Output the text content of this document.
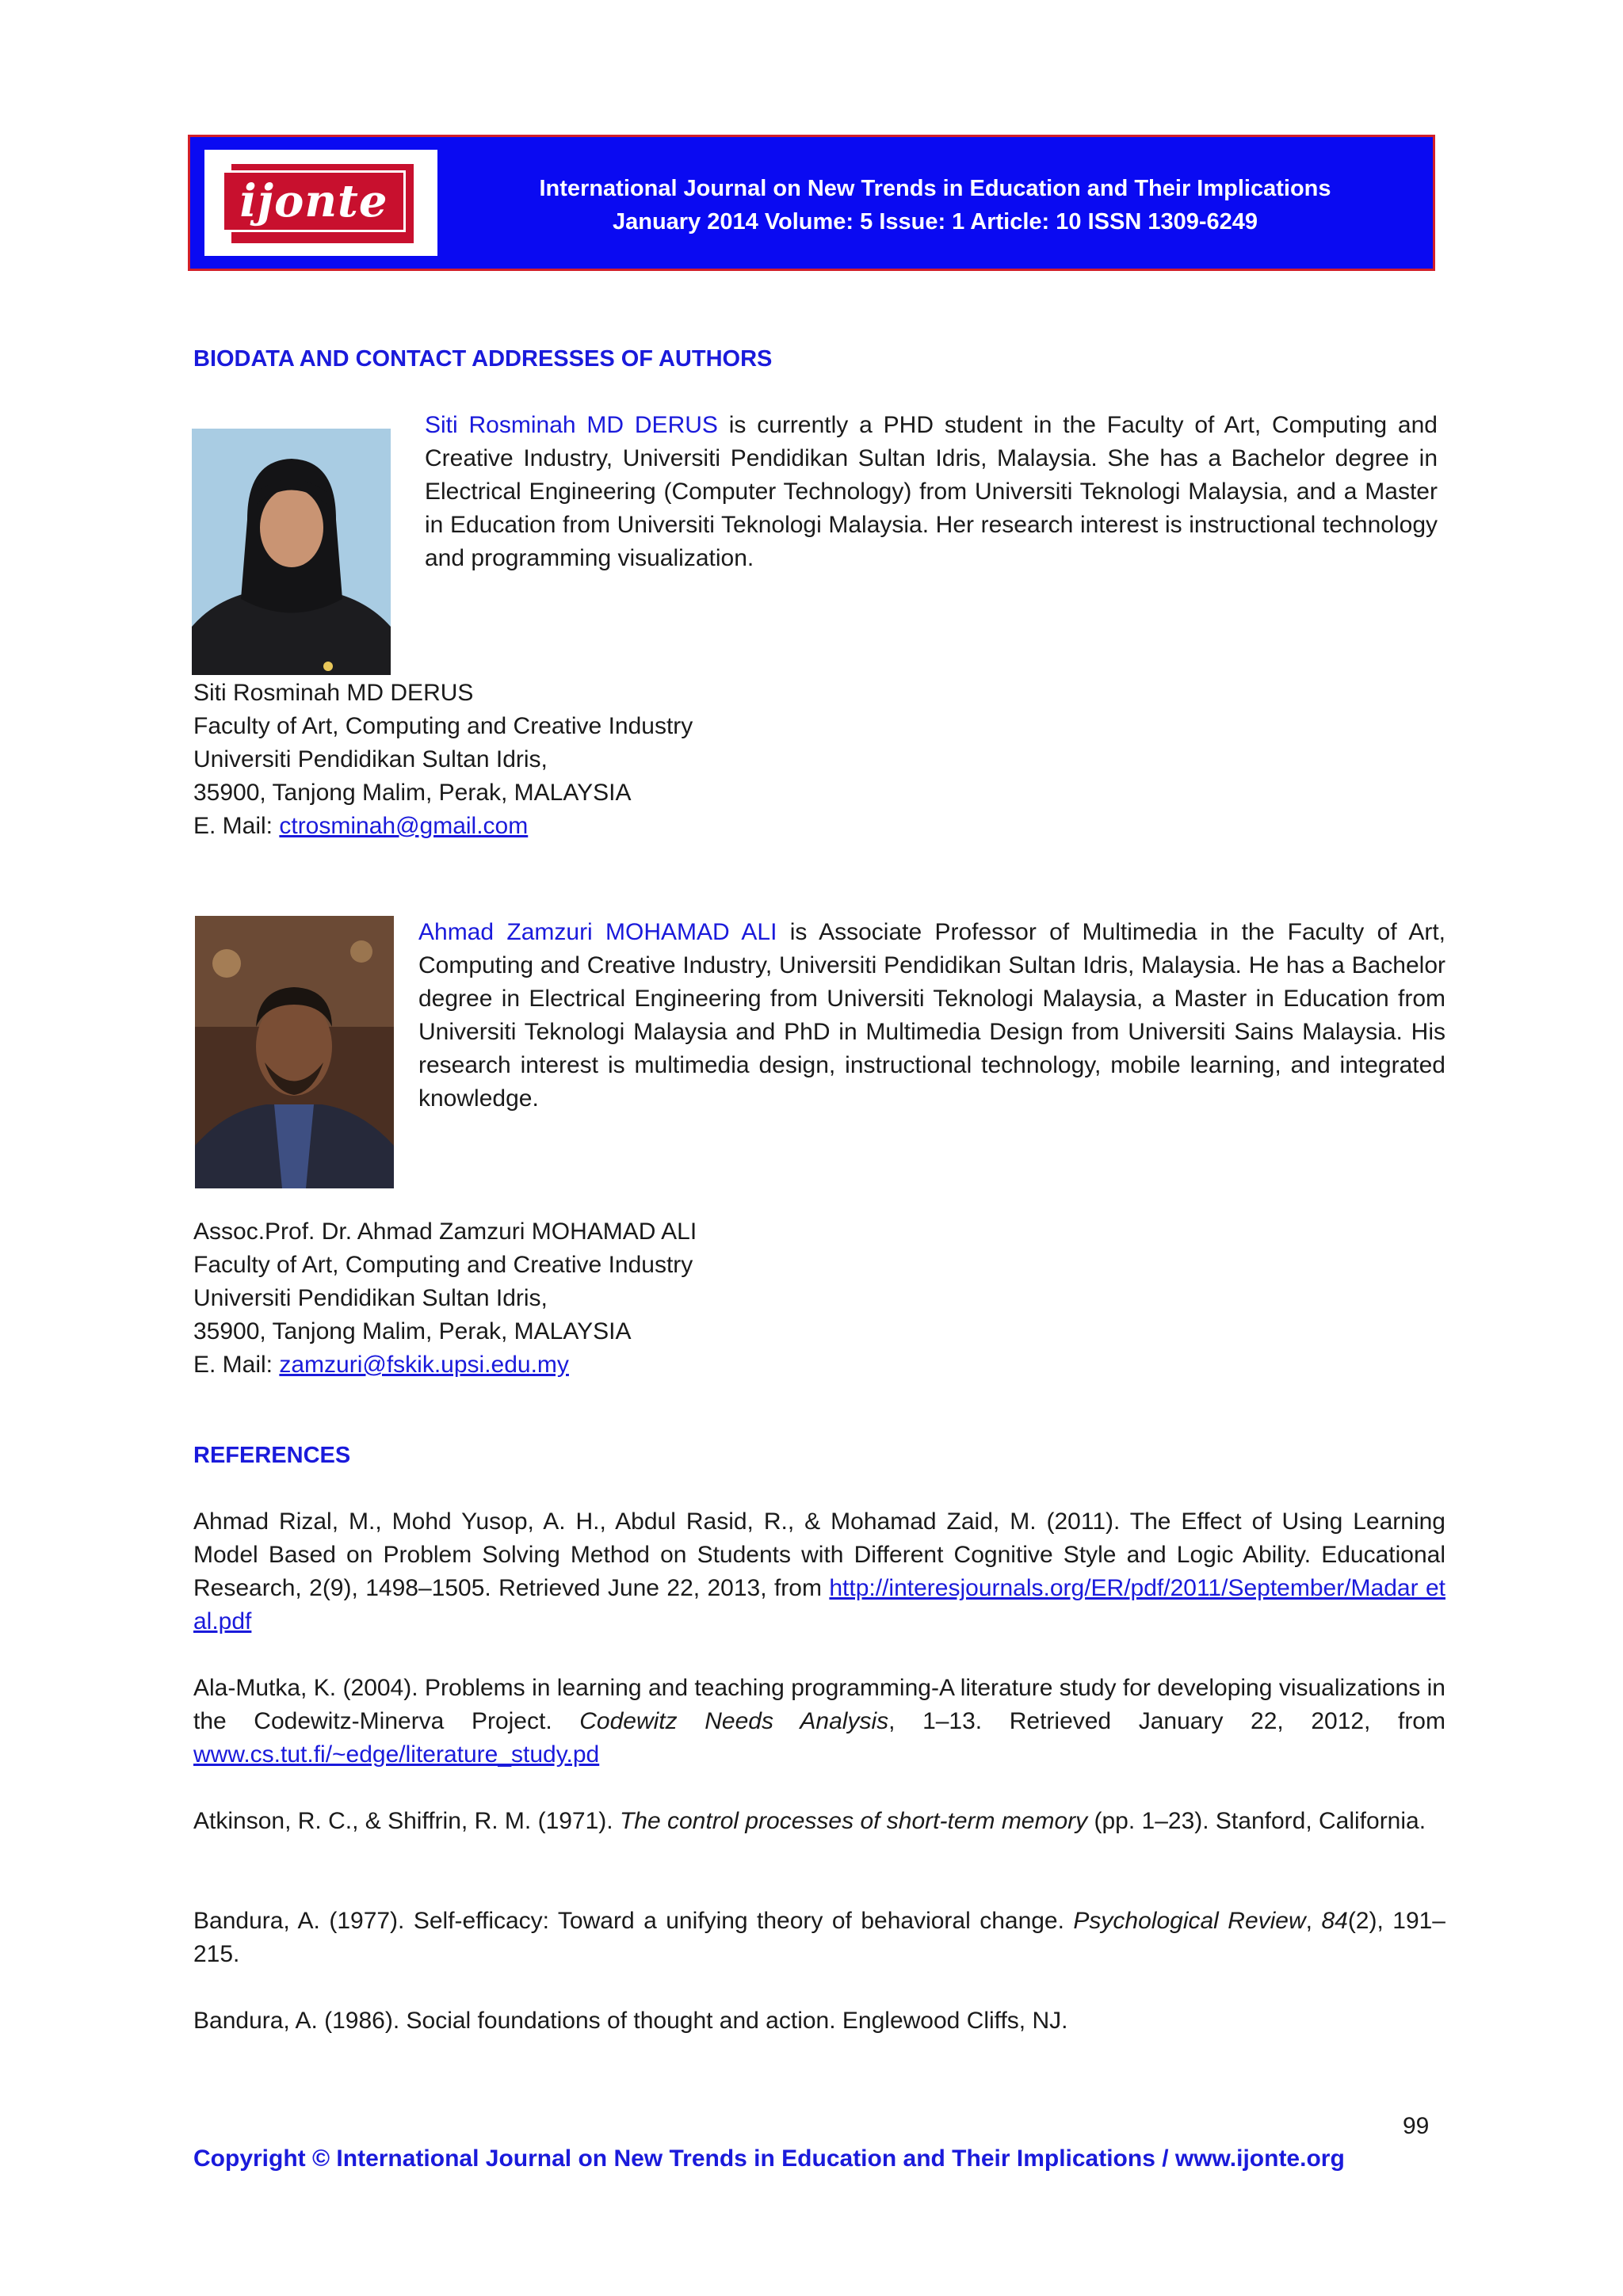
ijonte	International Journal on New Trends in Education and Their Implications
January 2014 Volume: 5 Issue: 1 Article: 10 ISSN 1309-6249
BIODATA AND CONTACT ADDRESSES OF AUTHORS
Siti Rosminah MD DERUS is currently a PHD student in the Faculty of Art, Computing and Creative Industry, Universiti Pendidikan Sultan Idris, Malaysia. She has a Bachelor degree in Electrical Engineering (Computer Technology) from Universiti Teknologi Malaysia, and a Master in Education from Universiti Teknologi Malaysia. Her research interest is instructional technology and programming visualization.
Siti Rosminah MD DERUS
Faculty of Art, Computing and Creative Industry
Universiti Pendidikan Sultan Idris,
35900, Tanjong Malim, Perak, MALAYSIA
E. Mail: ctrosminah@gmail.com
Ahmad Zamzuri MOHAMAD ALI is Associate Professor of Multimedia in the Faculty of Art, Computing and Creative Industry, Universiti Pendidikan Sultan Idris, Malaysia. He has a Bachelor degree in Electrical Engineering from Universiti Teknologi Malaysia, a Master in Education from Universiti Teknologi Malaysia and PhD in Multimedia Design from Universiti Sains Malaysia. His research interest is multimedia design, instructional technology, mobile learning, and integrated knowledge.
Assoc.Prof. Dr. Ahmad Zamzuri MOHAMAD ALI
Faculty of Art, Computing and Creative Industry
Universiti Pendidikan Sultan Idris,
35900, Tanjong Malim, Perak, MALAYSIA
E. Mail: zamzuri@fskik.upsi.edu.my
REFERENCES
Ahmad Rizal, M., Mohd Yusop, A. H., Abdul Rasid, R., & Mohamad Zaid, M. (2011). The Effect of Using Learning Model Based on Problem Solving Method on Students with Different Cognitive Style and Logic Ability. Educational Research, 2(9), 1498–1505. Retrieved June 22, 2013, from http://interesjournals.org/ER/pdf/2011/September/Madar et al.pdf
Ala-Mutka, K. (2004). Problems in learning and teaching programming-A literature study for developing visualizations in the Codewitz-Minerva Project. Codewitz Needs Analysis, 1–13. Retrieved January 22, 2012, from www.cs.tut.fi/~edge/literature_study.pd
Atkinson, R. C., & Shiffrin, R. M. (1971). The control processes of short-term memory (pp. 1–23). Stanford, California.
Bandura, A. (1977). Self-efficacy: Toward a unifying theory of behavioral change. Psychological Review, 84(2), 191–215.
Bandura, A. (1986). Social foundations of thought and action. Englewood Cliffs, NJ.
99
Copyright © International Journal on New Trends in Education and Their Implications / www.ijonte.org
